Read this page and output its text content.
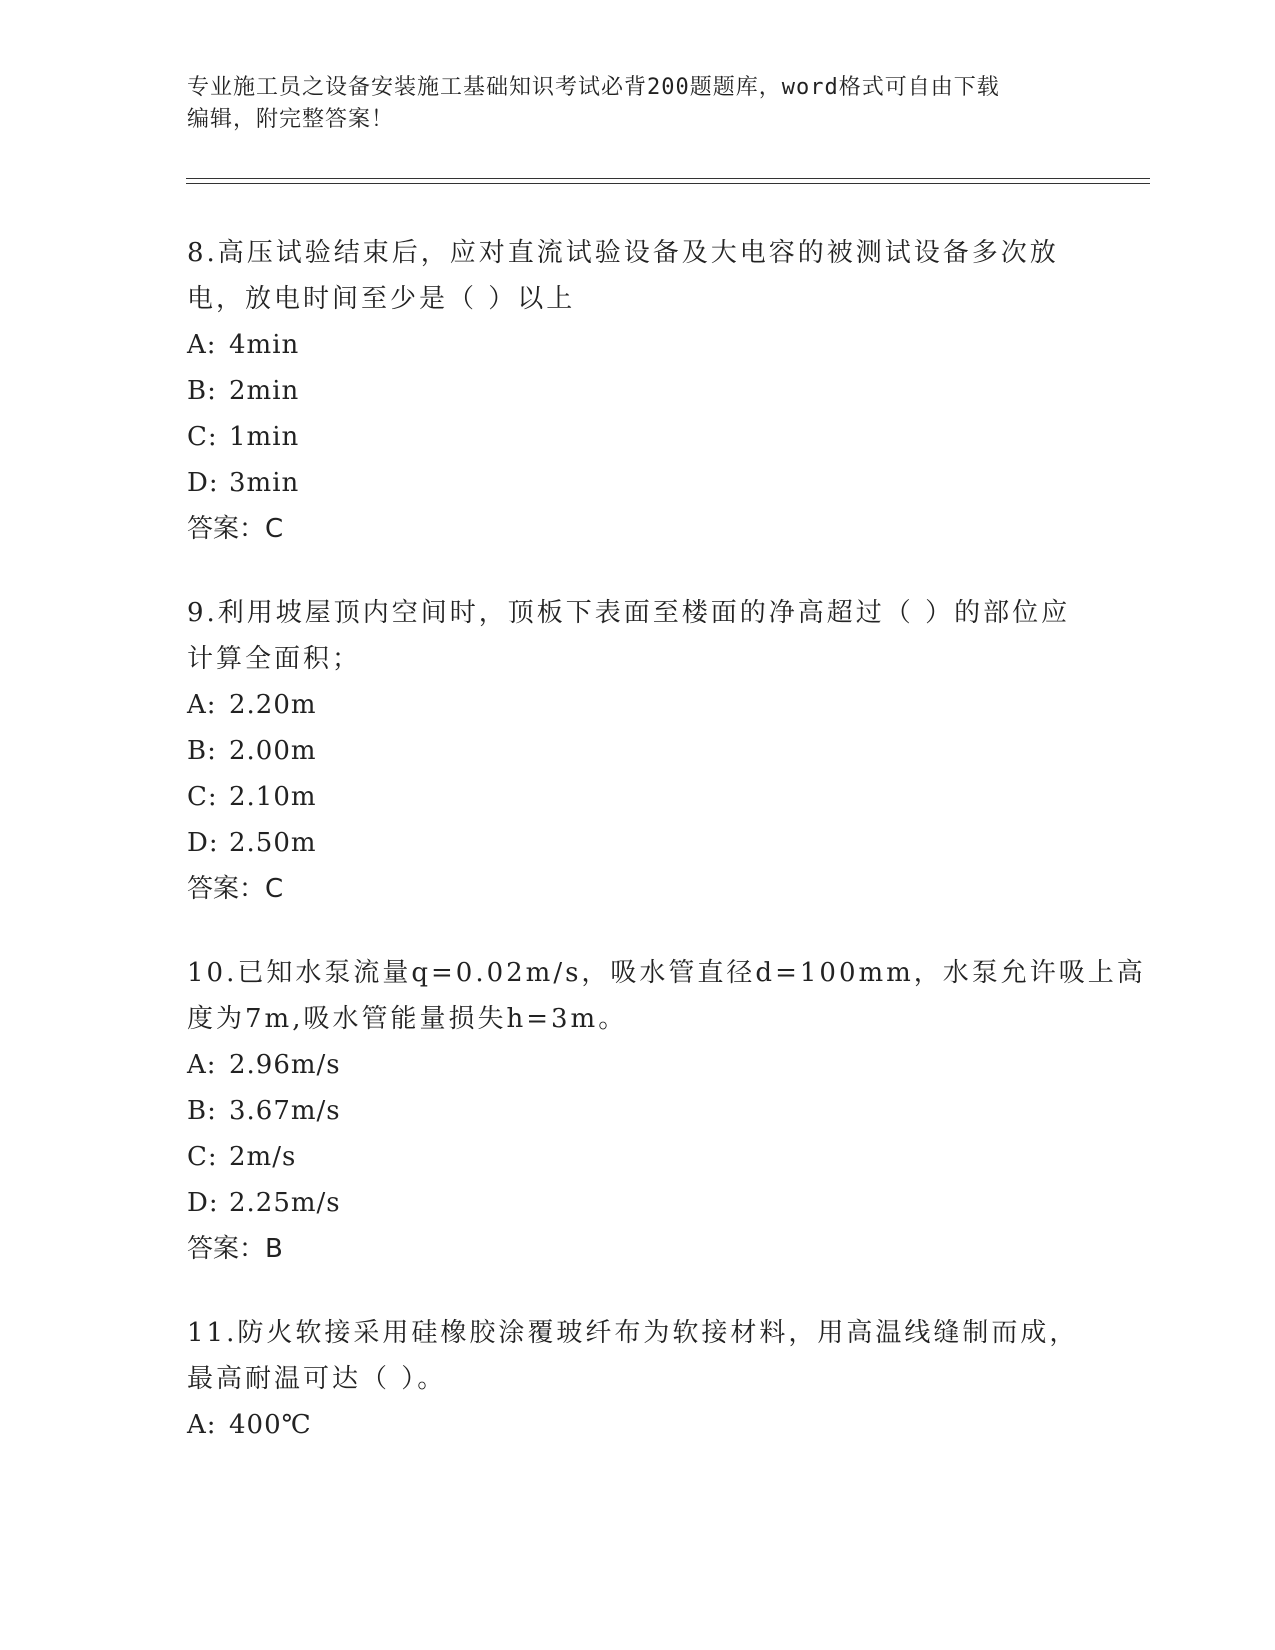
专业施工员之设备安装施工基础知识考试必背200题题库，word格式可自由下载
编辑，附完整答案！
8.高压试验结束后，应对直流试验设备及大电容的被测试设备多次放
电，放电时间至少是（ ）以上
A: 4min
B: 2min
C: 1min
D: 3min
答案：C
9.利用坡屋顶内空间时，顶板下表面至楼面的净高超过（ ）的部位应
计算全面积；
A: 2.20m
B: 2.00m
C: 2.10m
D: 2.50m
答案：C
10.已知水泵流量q=0.02m/s，吸水管直径d=100mm，水泵允许吸上高
度为7m,吸水管能量损失h=3m。
A: 2.96m/s
B: 3.67m/s
C: 2m/s
D: 2.25m/s
答案：B
11.防火软接采用硅橡胶涂覆玻纤布为软接材料，用高温线缝制而成，
最高耐温可达（ ）。
A: 400℃
